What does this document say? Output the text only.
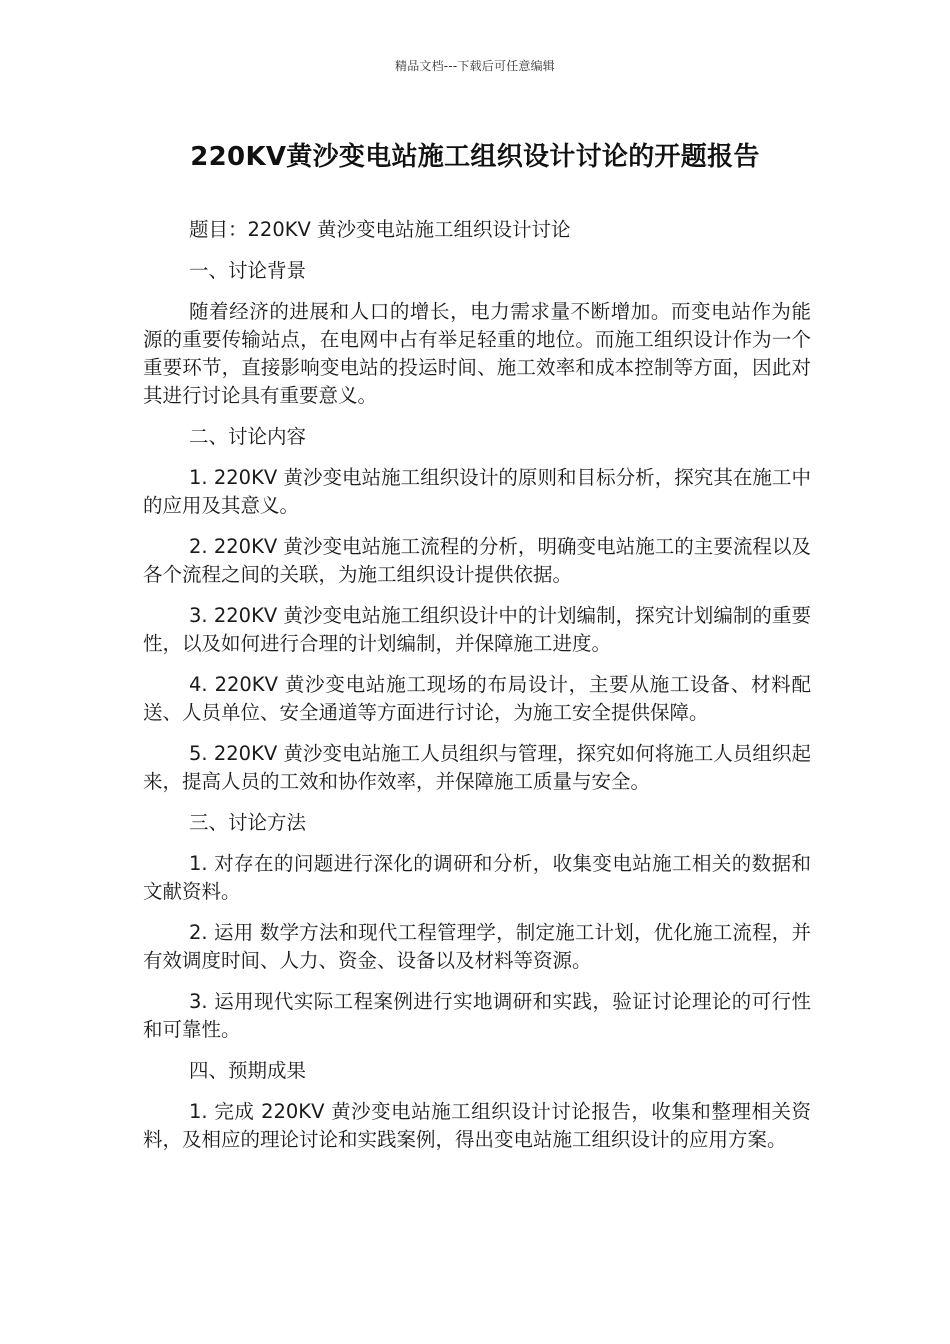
精品文档---下载后可任意编辑
220KV黄沙变电站施工组织设计讨论的开题报告

题目：220KV 黄沙变电站施工组织设计讨论

一、讨论背景

随着经济的进展和人口的增长，电力需求量不断增加。而变电站作为能源的重要传输站点，在电网中占有举足轻重的地位。而施工组织设计作为一个重要环节，直接影响变电站的投运时间、施工效率和成本控制等方面，因此对其进行讨论具有重要意义。

二、讨论内容

1. 220KV 黄沙变电站施工组织设计的原则和目标分析，探究其在施工中的应用及其意义。

2. 220KV 黄沙变电站施工流程的分析，明确变电站施工的主要流程以及各个流程之间的关联，为施工组织设计提供依据。

3. 220KV 黄沙变电站施工组织设计中的计划编制，探究计划编制的重要性，以及如何进行合理的计划编制，并保障施工进度。

4. 220KV 黄沙变电站施工现场的布局设计，主要从施工设备、材料配送、人员单位、安全通道等方面进行讨论，为施工安全提供保障。

5. 220KV 黄沙变电站施工人员组织与管理，探究如何将施工人员组织起来，提高人员的工效和协作效率，并保障施工质量与安全。

三、讨论方法

1. 对存在的问题进行深化的调研和分析，收集变电站施工相关的数据和文献资料。

2. 运用 数学方法和现代工程管理学，制定施工计划，优化施工流程，并有效调度时间、人力、资金、设备以及材料等资源。

3. 运用现代实际工程案例进行实地调研和实践，验证讨论理论的可行性和可靠性。

四、预期成果

1. 完成 220KV 黄沙变电站施工组织设计讨论报告，收集和整理相关资料，及相应的理论讨论和实践案例，得出变电站施工组织设计的应用方案。
